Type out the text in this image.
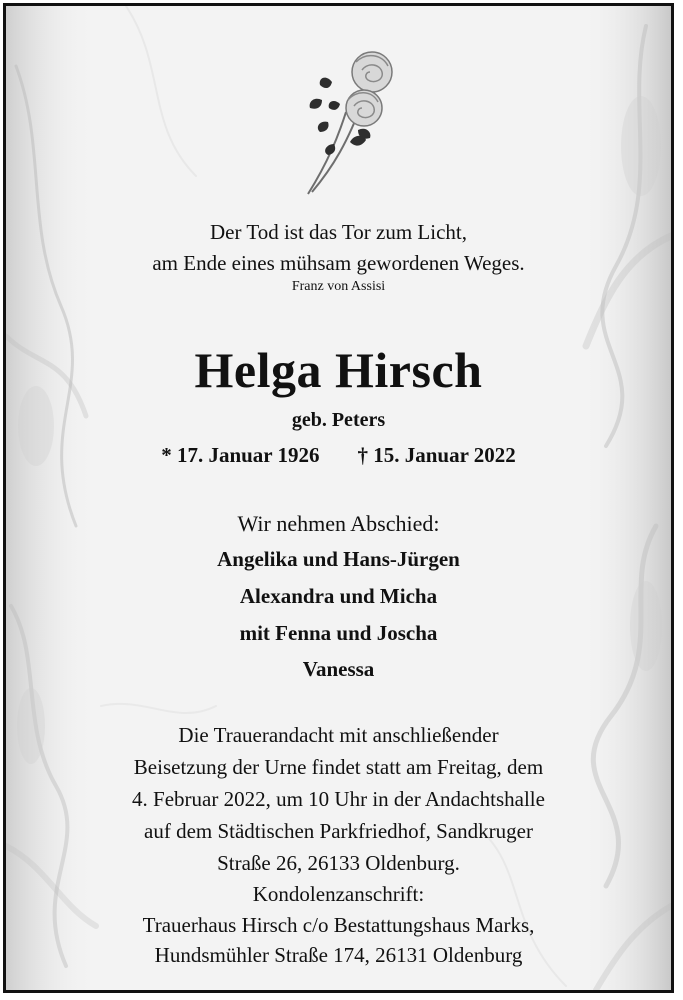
Der Tod ist das Tor zum Licht,
am Ende eines mühsam gewordenen Weges.
Franz von Assisi
Helga Hirsch
geb. Peters
* 17. Januar 1926 † 15. Januar 2022
Wir nehmen Abschied:
Angelika und Hans-Jürgen
Alexandra und Micha
mit Fenna und Joscha
Vanessa
Die Trauerandacht mit anschließender
Beisetzung der Urne findet statt am Freitag, dem
4. Februar 2022, um 10 Uhr in der Andachtshalle
auf dem Städtischen Parkfriedhof, Sandkruger
Straße 26, 26133 Oldenburg.
Kondolenzanschrift:
Trauerhaus Hirsch c/o Bestattungshaus Marks,
Hundsmühler Straße 174, 26131 Oldenburg
